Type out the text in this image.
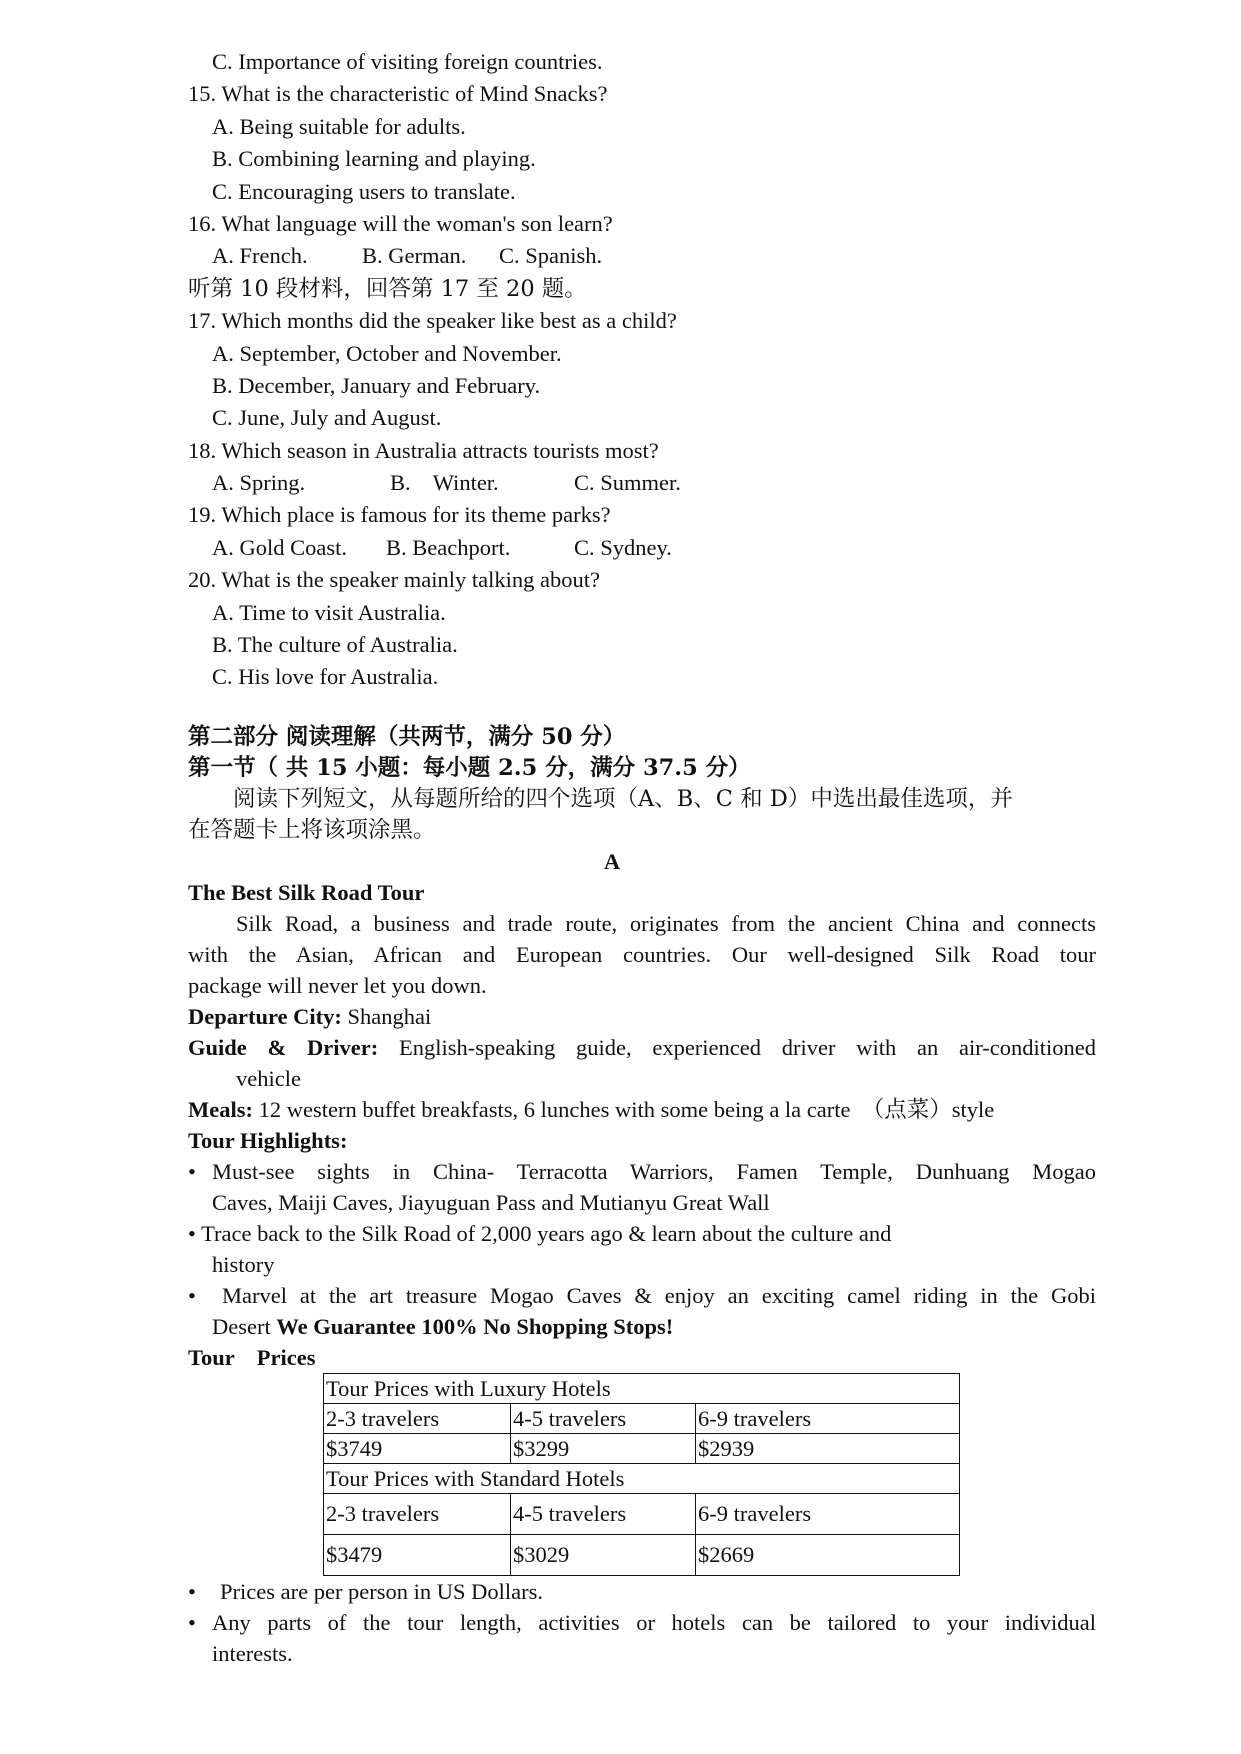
C. Importance of visiting foreign countries.
15. What is the characteristic of Mind Snacks?
A. Being suitable for adults.
B. Combining learning and playing.
C. Encouraging users to translate.
16. What language will the woman's son learn?
A. French. B. German. C. Spanish.
听第 10 段材料，回答第 17 至 20 题。
17. Which months did the speaker like best as a child?
A. September, October and November.
B. December, January and February.
C. June, July and August.
18. Which season in Australia attracts tourists most?
A. Spring.	B.    Winter.	C. Summer.
19. Which place is famous for its theme parks?
A. Gold Coast. B. Beachport.	C. Sydney.
20. What is the speaker mainly talking about?
A. Time to visit Australia.
B. The culture of Australia.
C. His love for Australia.
第二部分 阅读理解（共两节，满分 50 分）
第一节（ 共 15 小题：每小题 2.5 分，满分 37.5 分）
阅读下列短文，从每题所给的四个选项（A、B、C 和 D）中选出最佳选项，并
在答题卡上将该项涂黑。
A
The Best Silk Road Tour
Silk Road, a business and trade route, originates from the ancient China and connects
with the Asian, African and European countries. Our well-designed Silk Road tour
package will never let you down.
Departure City: Shanghai
Guide & Driver: English-speaking guide, experienced driver with an air-conditioned
vehicle
Meals: 12 western buffet breakfasts, 6 lunches with some being a la carte  （点菜）style
Tour Highlights:
• Must-see sights in China- Terracotta Warriors, Famen Temple, Dunhuang Mogao
Caves, Maiji Caves, Jiayuguan Pass and Mutianyu Great Wall
• Trace back to the Silk Road of 2,000 years ago & learn about the culture and
history
• Marvel at the art treasure Mogao Caves & enjoy an exciting camel riding in the Gobi
Desert We Guarantee 100% No Shopping Stops!
Tour    Prices
Tour Prices with Luxury Hotels		
2-3 travelers	4-5 travelers	6-9 travelers
$3749	$3299	$2939
Tour Prices with Standard Hotels		
2-3 travelers	4-5 travelers	6-9 travelers
$3479	$3029	$2669
• Prices are per person in US Dollars.
• Any parts of the tour length, activities or hotels can be tailored to your individual
interests.
